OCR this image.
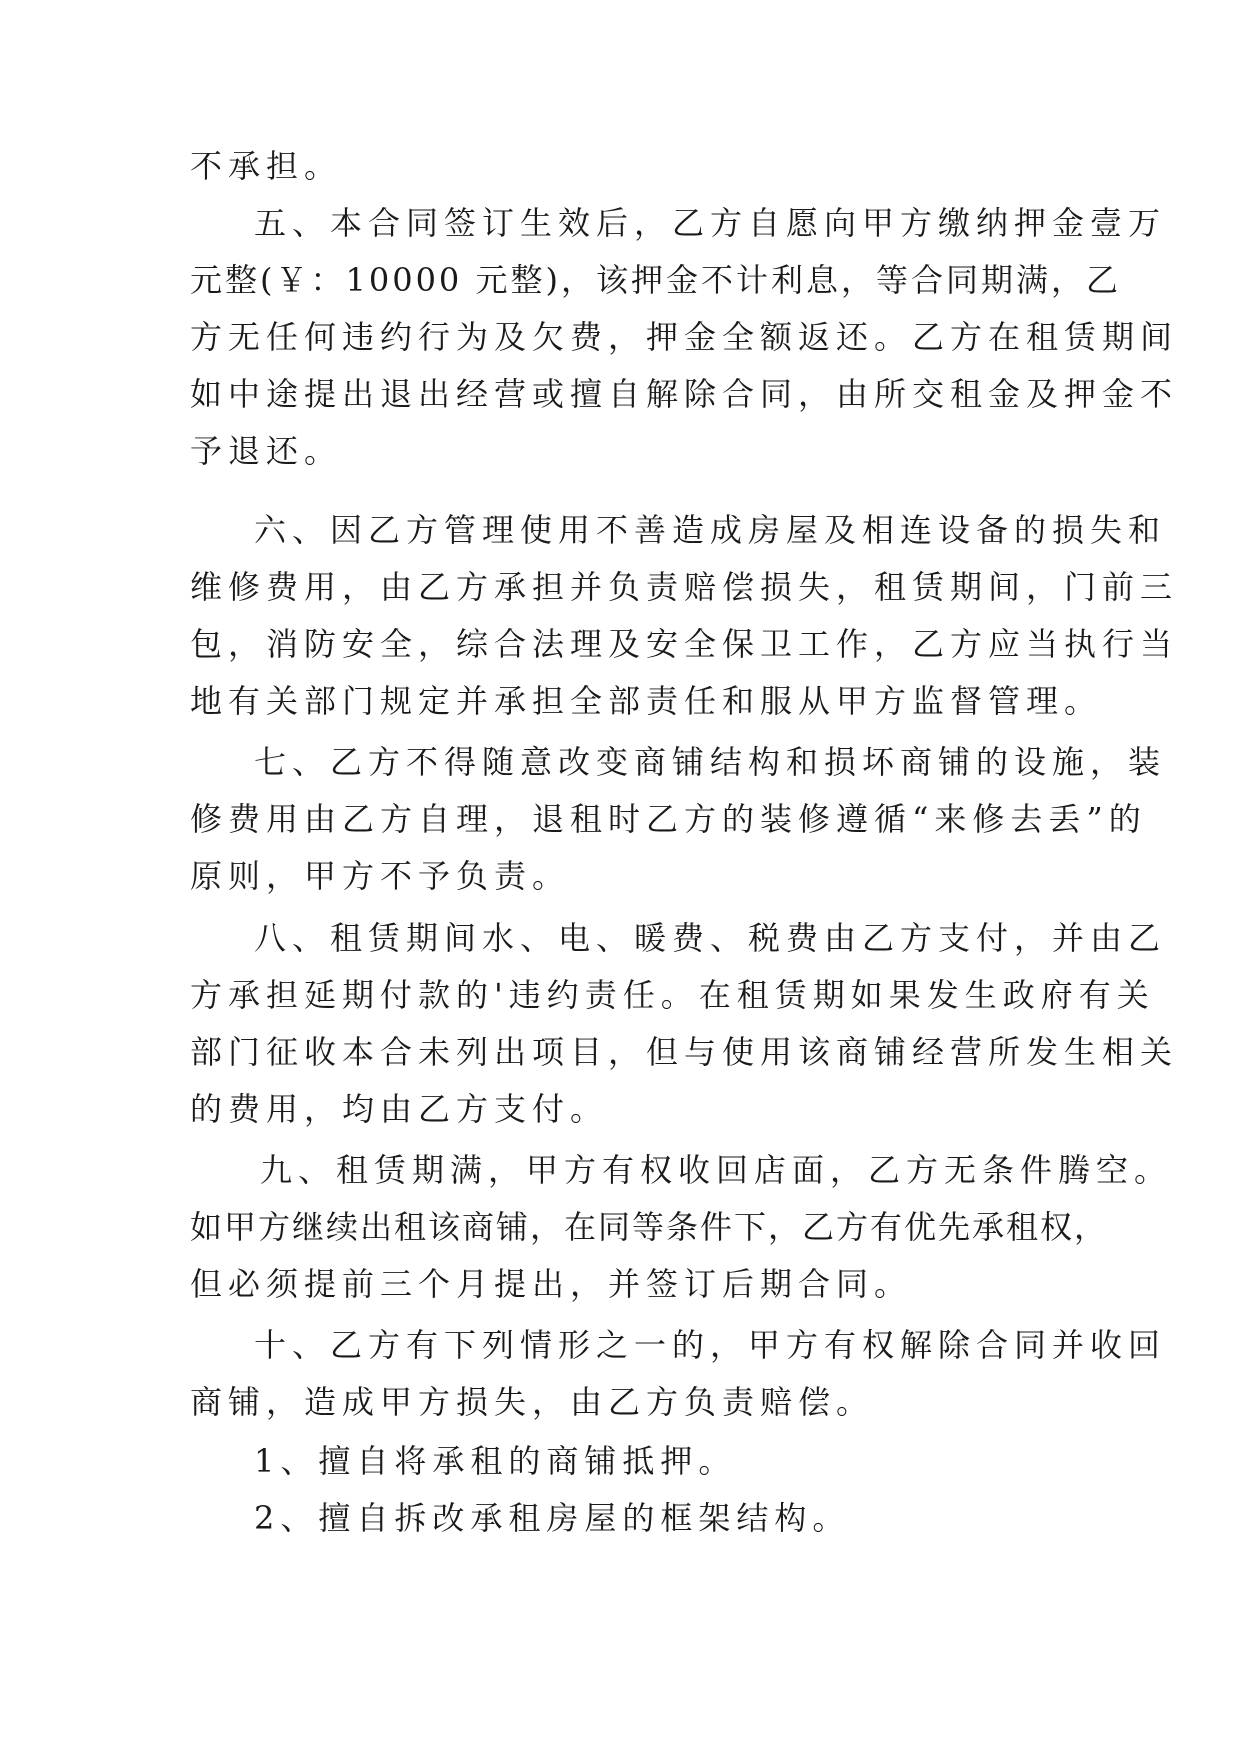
不承担。

五、本合同签订生效后，乙方自愿向甲方缴纳押金壹万

元整(￥：10000 元整)，该押金不计利息，等合同期满，乙

方无任何违约行为及欠费，押金全额返还。乙方在租赁期间

如中途提出退出经营或擅自解除合同，由所交租金及押金不

予退还。

六、因乙方管理使用不善造成房屋及相连设备的损失和

维修费用，由乙方承担并负责赔偿损失，租赁期间，门前三

包，消防安全，综合法理及安全保卫工作，乙方应当执行当

地有关部门规定并承担全部责任和服从甲方监督管理。

七、乙方不得随意改变商铺结构和损坏商铺的设施，装

修费用由乙方自理，退租时乙方的装修遵循“来修去丢”的

原则，甲方不予负责。

八、租赁期间水、电、暖费、税费由乙方支付，并由乙

方承担延期付款的'违约责任。在租赁期如果发生政府有关

部门征收本合未列出项目，但与使用该商铺经营所发生相关

的费用，均由乙方支付。

九、租赁期满，甲方有权收回店面，乙方无条件腾空。

如甲方继续出租该商铺，在同等条件下，乙方有优先承租权，

但必须提前三个月提出，并签订后期合同。

十、乙方有下列情形之一的，甲方有权解除合同并收回

商铺，造成甲方损失，由乙方负责赔偿。

1、擅自将承租的商铺抵押。

2、擅自拆改承租房屋的框架结构。
